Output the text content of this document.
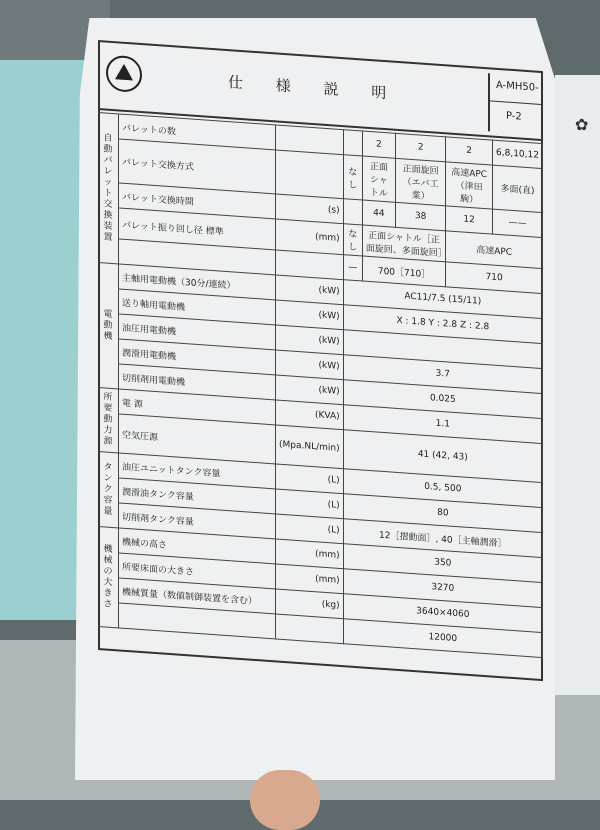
✿
仕 様 説 明	A-MH50-
P-2
自動パレット交換装置	パレットの数			2	2	2	6,8,10,12
	パレット交換方式		なし	正面シャトル	正面旋回（エバ工業）	高速APC（津田駒）	多面(直)
	パレット交換時間	(s)		44	38	12	——
	パレット振り回し径 標準	(mm)	なし	正面シャトル［正面旋回、多面旋回］		高速APC	
			—	700［710］		710	
電動機	主軸用電動機（30分/連続）	(kW)	AC11/7.5 (15/11)				
	送り軸用電動機	(kW)	X : 1.8 Y : 2.8 Z : 2.8				
	油圧用電動機	(kW)					
	潤滑用電動機	(kW)	3.7				
	切削剤用電動機	(kW)	0.025				
所要動力源	電 源	(KVA)	1.1				
	空気圧源	(Mpa.NL/min)	41 (42, 43)				
タンク容量	油圧ユニットタンク容量	(L)	0.5, 500				
	潤滑油タンク容量	(L)	80				
	切削剤タンク容量	(L)	12［摺動面］, 40［主軸潤滑］				
機械の大きさ	機械の高さ	(mm)	350				
	所要床面の大きさ	(mm)	3270				
	機械質量（数値制御装置を含む）	(kg)	3640×4060				
			12000				
